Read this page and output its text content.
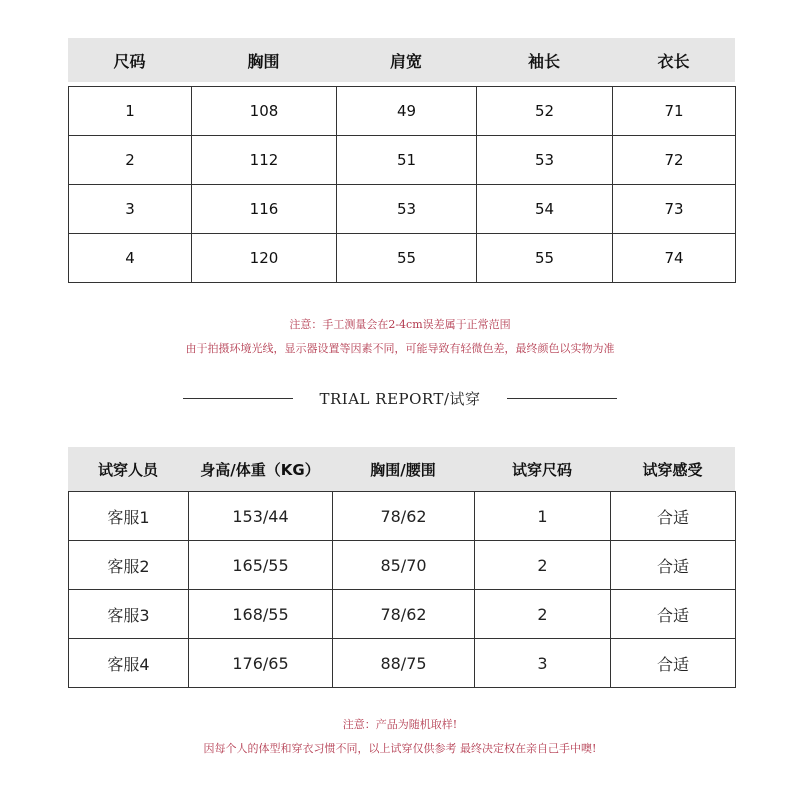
尺码	胸围	肩宽	袖长	衣长
1	108	49	52	71
2	112	51	53	72
3	116	53	54	73
4	120	55	55	74
注意：手工测量会在2-4cm误差属于正常范围
由于拍摄环境光线，显示器设置等因素不同，可能导致有轻微色差，最终颜色以实物为准
TRIAL REPORT/试穿
试穿人员	身高/体重（KG）	胸围/腰围	试穿尺码	试穿感受
客服1	153/44	78/62	1	合适
客服2	165/55	85/70	2	合适
客服3	168/55	78/62	2	合适
客服4	176/65	88/75	3	合适
注意：产品为随机取样!
因每个人的体型和穿衣习惯不同，以上试穿仅供参考 最终决定权在亲自己手中噢!
